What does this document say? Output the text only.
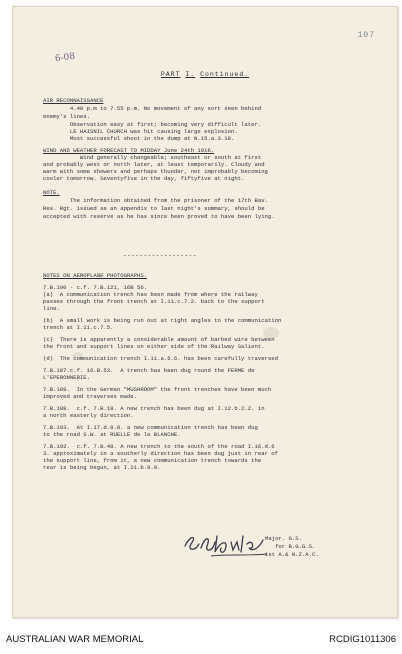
107
6-08
PART I. Continued.
AIR RECONNAISSANCE
4.40 p.m to 7.55 p.m. No movement of any sort seen behind
enemy's lines.
Observation easy at first; becoming very difficult later.
LE HAISNIL CHURCH was hit causing large explosion.
Most successful shoot in the dump at N.15.a.3.18.
WIND AND WEATHER FORECAST TO MIDDAY June 24th 1916.
Wind generally changeable; southeast or south at first
and probably west or north later, at least temporarily. Cloudy and
warm with some showers and perhaps thunder, not improbably becoming
cooler tomorrow. Seventyfive in the day, fiftyfive at night.
NOTE.
The information obtained from the prisoner of the 17th Bav.
Res. Rgt. issued as an appendix to last night's summary, should be
accepted with reserve as he has since been proved to have been lying.
------------------
NOTES ON AEROPLANE PHOTOGRAPHS.
7.B.190 - c.f. 7.B.121, 16B 56.
(a)  A communication trench has been made from where the railway
passes through the front trench at I.11.c.7.2. back to the support
line.
(b)  A small work is being run out at right angles to the communication
trench at I.11.c.7.5.
(c)  There is apparently a considerable amount of barbed wire between
the front and support lines on either side of the Railway Salient.
(d)  The communication trench I.11.a.6.6. has been carefully traversed
7.B.187.c.f. 16.B.53.  A trench has been dug round the FERME de
L'EPERONNERIE.
7.B.189.  In the German "MUSHROOM" the front trenches have been much
improved and traverses made.
7.B.188.  c.f. 7.B.18. A new trench has been dug at I.12.b.2.2. in
a north easterly direction.
7.B.193.  At I.17.d.9.8. a new communication trench has been dug
to the road S.W. at RUELLE de la BLANCHE.
7.B.192.  c.f. 7.B.48. A new trench to the south of the road I.16.d.6
3. approximately in a southerly direction has been dug just in rear of
the support line, from it, a new communication trench towards the
rear is being begun, at I.21.b.9.9.
Major. G.S.
for B.G.G.S.
1st A.& N.Z.A.C.
AUSTRALIAN WAR MEMORIAL	RCDIG1011306
